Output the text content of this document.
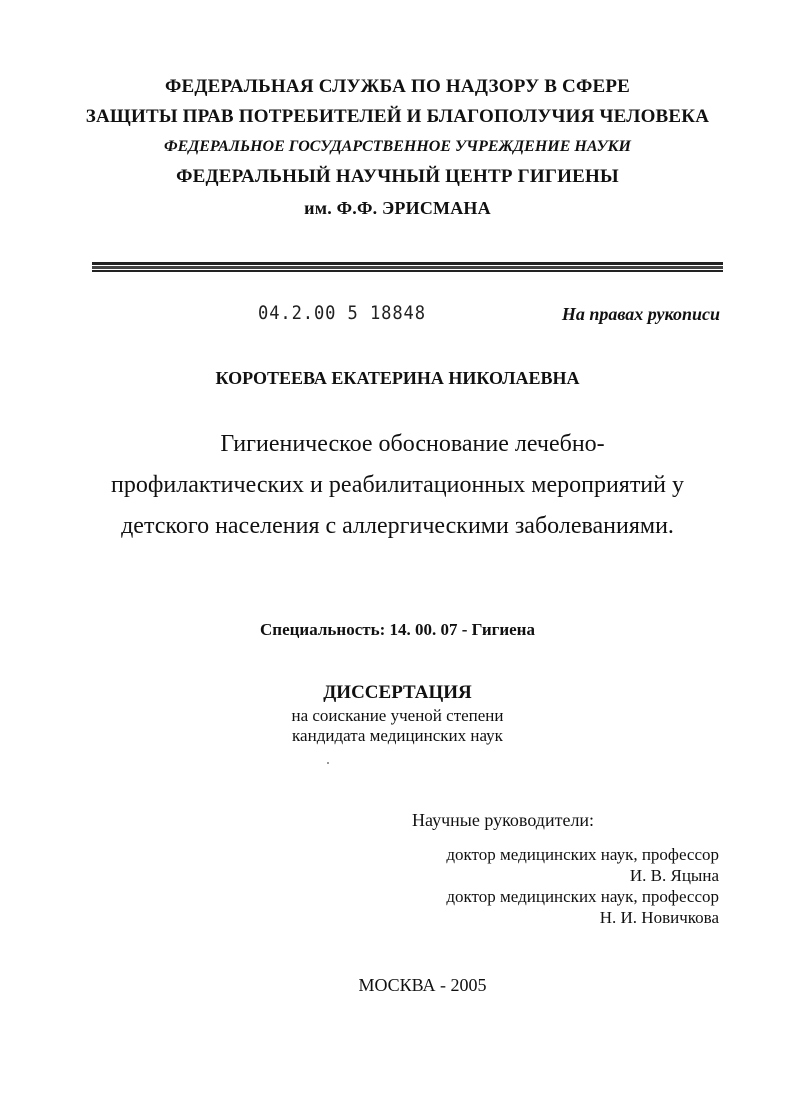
ФЕДЕРАЛЬНАЯ СЛУЖБА ПО НАДЗОРУ В СФЕРЕ
ЗАЩИТЫ ПРАВ ПОТРЕБИТЕЛЕЙ И БЛАГОПОЛУЧИЯ ЧЕЛОВЕКА
ФЕДЕРАЛЬНОЕ ГОСУДАРСТВЕННОЕ УЧРЕЖДЕНИЕ НАУКИ
ФЕДЕРАЛЬНЫЙ НАУЧНЫЙ ЦЕНТР ГИГИЕНЫ
им. Ф.Ф. ЭРИСМАНА
04.2.00 5 18848	На правах рукописи
КОРОТЕЕВА ЕКАТЕРИНА НИКОЛАЕВНА
Гигиеническое обоснование лечебно-
профилактических и реабилитационных мероприятий у
детского населения с аллергическими заболеваниями.
Специальность: 14. 00. 07 - Гигиена
ДИССЕРТАЦИЯ
на соискание ученой степени
кандидата медицинских наук
Научные руководители:
доктор медицинских наук, профессор
И. В. Яцына
доктор медицинских наук, профессор
Н. И. Новичкова
МОСКВА - 2005
